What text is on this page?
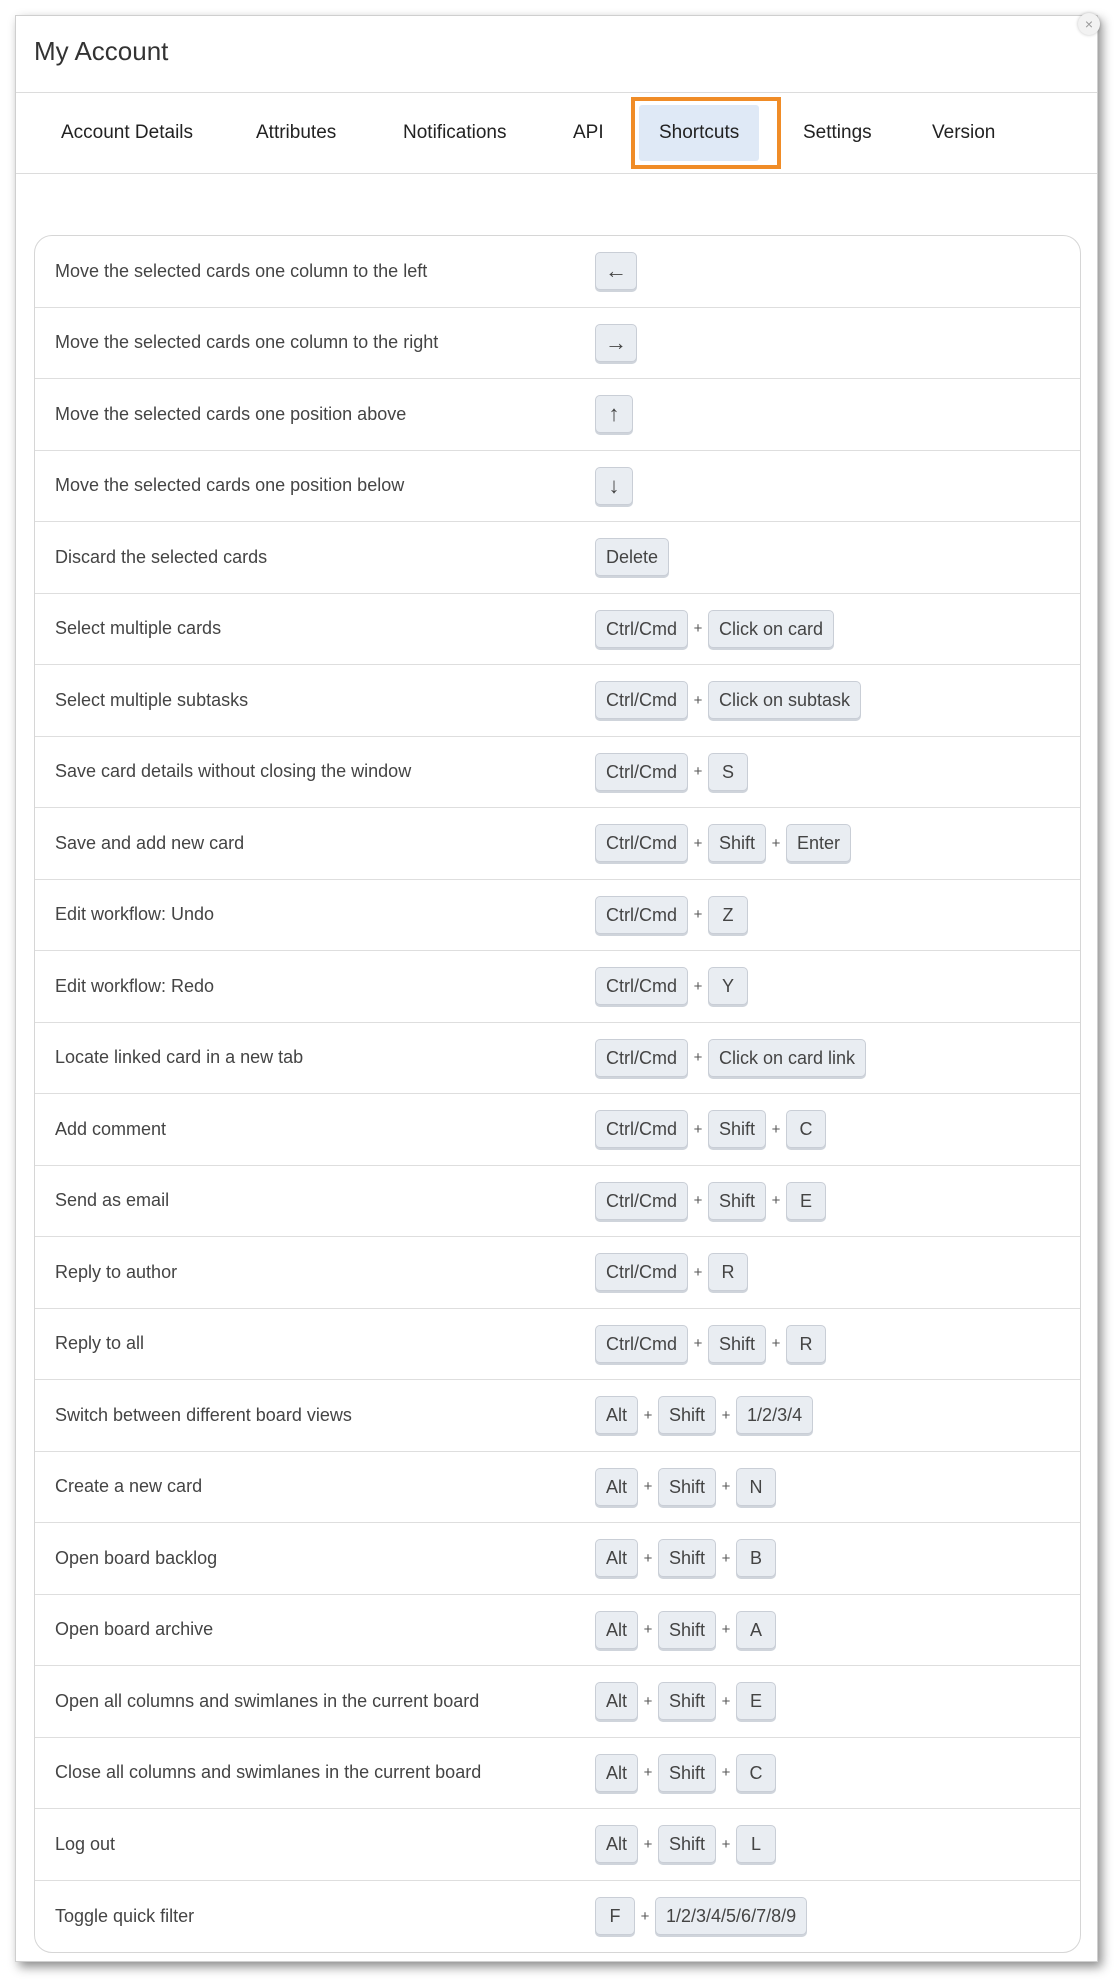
My Account
×
Account Details	Attributes	Notifications	API	Shortcuts	Settings	Version
Move the selected cards one column to the left	←
Move the selected cards one column to the right	→
Move the selected cards one position above	↑
Move the selected cards one position below	↓
Discard the selected cards	Delete
Select multiple cards	Ctrl/Cmd	+ Click on card
Select multiple subtasks	Ctrl/Cmd	+ Click on subtask
Save card details without closing the window	Ctrl/Cmd	+	S
Save and add new card	Ctrl/Cmd	+ Shift	+ Enter
Edit workflow: Undo	Ctrl/Cmd	+	Z
Edit workflow: Redo	Ctrl/Cmd	+	Y
Locate linked card in a new tab	Ctrl/Cmd	+ Click on card link
Add comment	Ctrl/Cmd	+ Shift	+	C
Send as email	Ctrl/Cmd	+ Shift	+	E
Reply to author	Ctrl/Cmd	+	R
Reply to all	Ctrl/Cmd	+ Shift	+	R
Switch between different board views	Alt	+ Shift	+ 1/2/3/4
Create a new card	Alt	+ Shift	+	N
Open board backlog	Alt	+ Shift	+	B
Open board archive	Alt	+ Shift	+	A
Open all columns and swimlanes in the current board	Alt	+ Shift	+	E
Close all columns and swimlanes in the current board	Alt	+ Shift	+	C
Log out	Alt	+ Shift	+	L
Toggle quick filter	F	+ 1/2/3/4/5/6/7/8/9
